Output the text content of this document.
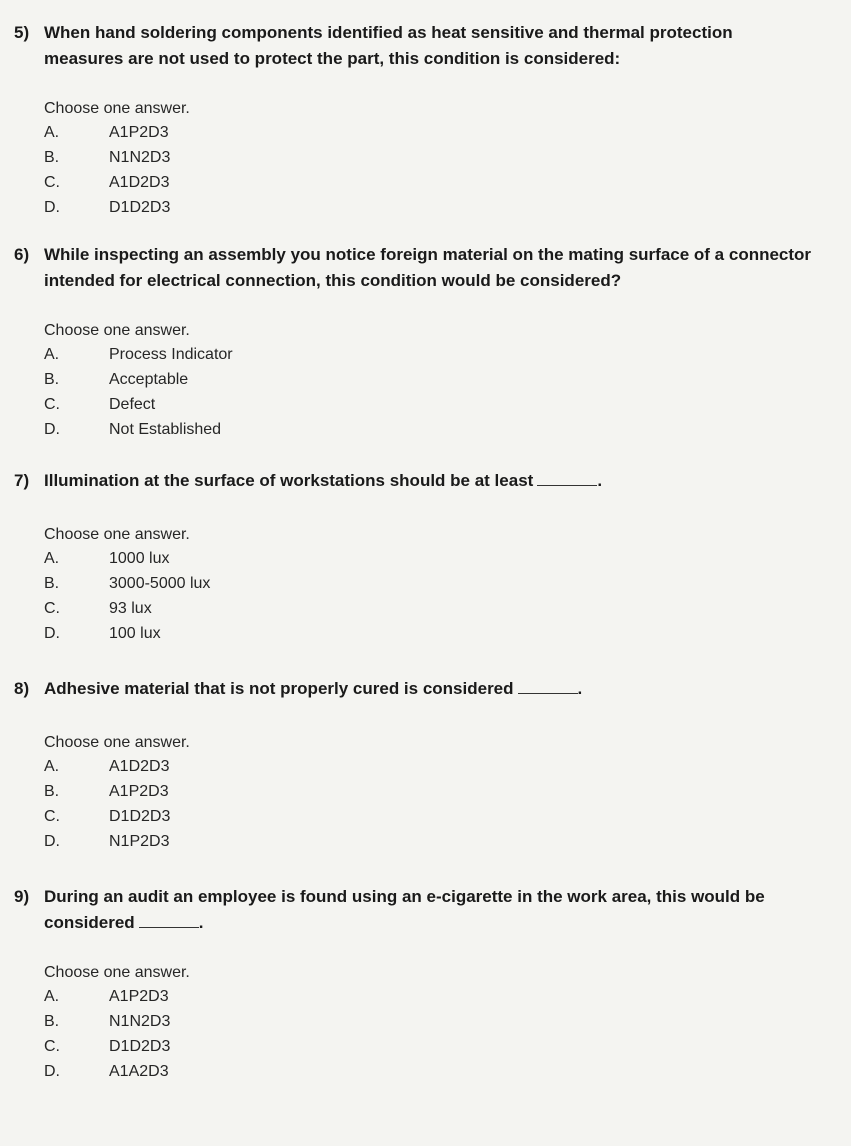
5) When hand soldering components identified as heat sensitive and thermal protection measures are not used to protect the part, this condition is considered:
Choose one answer.
A.	A1P2D3
B.	N1N2D3
C.	A1D2D3
D.	D1D2D3
6) While inspecting an assembly you notice foreign material on the mating surface of a connector intended for electrical connection, this condition would be considered?
Choose one answer.
A.	Process Indicator
B.	Acceptable
C.	Defect
D.	Not Established
7) Illumination at the surface of workstations should be at least	.
Choose one answer.
A.	1000 lux
B.	3000-5000 lux
C.	93 lux
D.	100 lux
8) Adhesive material that is not properly cured is considered	.
Choose one answer.
A.	A1D2D3
B.	A1P2D3
C.	D1D2D3
D.	N1P2D3
9) During an audit an employee is found using an e-cigarette in the work area, this would be considered	.
Choose one answer.
A.	A1P2D3
B.	N1N2D3
C.	D1D2D3
D.	A1A2D3
